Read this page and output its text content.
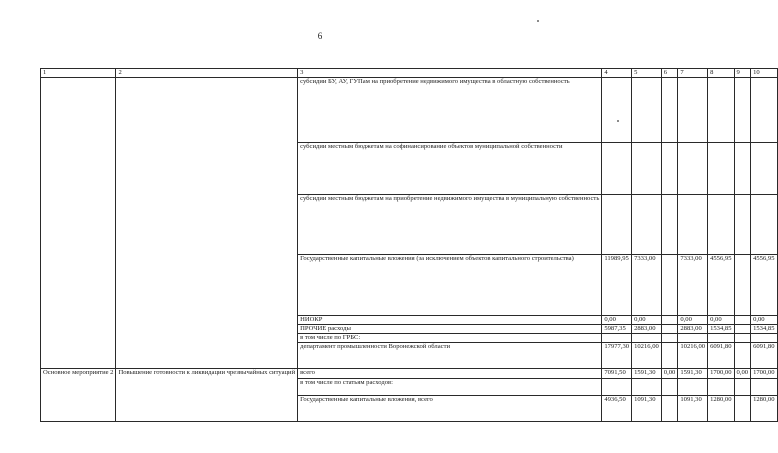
6
1	2	3	4	5	6	7	8	9	10
		субсидии БУ, АУ, ГУПам на приобретение недвижимого имущества в областную собственность							
		субсидии местным бюджетам на софинансирование объектов муниципальной собственности							
		субсидии местным бюджетам на приобретение недвижимого имущества в муниципальную собственность							
		Государственные капитальные вложения (за исключением объектов капитального строительства)	11989,95	7333,00		7333,00	4556,95		4556,95
		НИОКР	0,00	0,00		0,00	0,00		0,00
		ПРОЧИЕ расходы	5987,35	2883,00		2883,00	1534,85		1534,85
		в том числе по ГРБС:							
		департамент промышленности Воронежской области	17977,30	10216,00		10216,00	6091,80		6091,80
Основное мероприятие 2	Повышение готовности к ликвидации чрезвычайных ситуаций	всего	7091,50	1591,30	0,00	1591,30	1700,00	0,00	1700,00
		в том числе по статьям расходов:							
		Государственные капитальные вложения, всего	4936,50	1091,30		1091,30	1280,00		1280,00
